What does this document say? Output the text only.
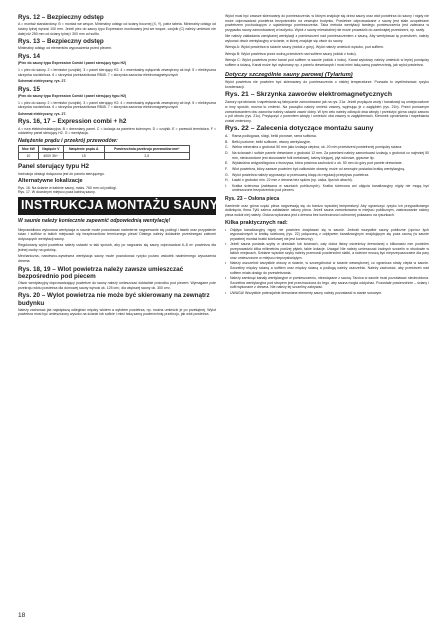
Rys. 12 – Bezpieczny odstęp
A = montaż standardowy. B = montaż we wnęce. Minimalny odstęp od ściany bocznej (X, Y), patrz tabela. Minimalny odstęp od ściany tylnej wynosi 100 mm. Jeżeli piec do sauny typu Expression montowany jest we wnęce, czujnik (C) należy umieścić nie dalej niż 250 mm od ściany tylnej i 300 mm od sufitu.
Rys. 13 – Bezpieczny odstęp
Minimalny odstęp od elementów wyposażenia przed piecem.
Rys. 14
(Piec do sauny typu Expression Combi i panel sterujący typu H2)
1 = piec do sauny. 2 = termistor (czujnik). 3 = panel sterujący H2. 4 = ewentualny wyłącznik zewnętrzny wł./wył. 5 = elektryczna skrzynka rozdzielcza. 6 = skrzynka przekaźnikowa RB45. 7 = skrzynka zaworów elektromagnetycznych
Schemat elektryczny, rys. 27.
Rys. 15
(Piec do sauny typu Expression Combi i panel sterujący typu H2)
1 = piec do sauny. 2 = termistor (czujnik). 3 = panel sterujący H2. 4 = ewentualny wyłącznik zewnętrzny wł./wył. 5 = elektryczna skrzynka rozdzielcza. 6 = skrzynka przekaźnikowa RB45. 7 = skrzynka zaworów elektromagnetycznych
Schemat elektryczny, rys. 27.
Rys. 16, 17 – Expression combi + h2
A = rura elektroinstalacyjna. B = drewniany panel. C = izolacja za panelem ściennym. D = czujnik. E = przewód termistora. F = oddzielny panel sterujący H2. G = wentylacja.
Natężenie prądu i przekrój przewodów:
Moc kW	Napięcie V	Natężenie prądu A	Powierzchnia przekroju przewodów mm²
10	400V 3N~	15	2,5
Panel sterujący typu H2
Instrukcja obsługi dołączona jest do panelu sterującego.
Alternatywne lokalizacje
Rys. 16. Na ścianie w kabinie sauny, maks. 760 mm od podłogi.
Rys. 17. W dowolnym miejscu poza kabiną sauny.
INSTRUKCJA MONTAŻU SAUNY
W saunie należy koniecznie zapewnić odpowiednią wentylację!
Nieprawidłowo wykonana wentylacja w saunie może powodować nadmierne nagrzewanie się podłogi i ławek oraz przypalenie ścian i sufitów w takich miejscach się bezpieczników termicznego pieca! Dlatego należy dokładnie przestrzegać zaleceń dotyczących wentylacji sauny.
Regulowany wylot powietrza należy ustawić w taki sposób, aby po nagrzaniu się sauny odprowadzał 6–8 m³ powietrza dla jednej osoby na godzinę.
Mechaniczna, nawiewno-wywiewna wentylacja sauny może powodować ryzyko pożaru wskutek nadmiernego wysuszenia drewna.
Rys. 18, 19 – Wlot powietrza należy zawsze umieszczać bezpośrednio pod piecem
Otwór wentylacyjny doprowadzający powietrze do sauny należy umieszczać dokładnie pośrodku pod piecem. Wymagane pole przekroju wlotu powietrza dla domowej sauny wynosi ok. 125 cm², dla większej sauny ok. 300 cm².
Rys. 20 – Wylot powietrza nie może być skierowany na zewnątrz budynku
Należy zachować jak największą odległość między wlotem a wylotem powietrza, np. można umieścić je po przekątnej. Wylot powietrza musi być umieszczony wysoko na ścianie lub suficie i mieć taką samą powierzchnię przekroju, jak wlot powietrza.
Wylot musi być zawsze skierowany do pomieszczenia, w którym znajduje się drzwi sauny oraz wlot powietrza do sauny i nigdy nie może odprowadzać powietrza bezpośrednio na zewnątrz budynku. Powietrze odprowadzane z sauny jest stale uzupełniane powietrzem pochodzącym z sąsiedniego pomieszczenia. Taka metoda wentylacji tamtego pomieszczenia jest zalecana w przypadku sauny zamontowanej w budynku. Wylot z sauny mieszkalnej nie może prowadzić do zamkniętej przestrzeni, np. szafy.
Nie należy zakładania zamykanej wentylacji z pomieszczeń nad pomieszczeniem z sauną. Aby wentylować tę przestrzeń, należy wykonać otwór wentylacyjny w ścianie, w której znajduje się otwór do sauny.
Wersja A: Wylot powietrza w ścianie sauny (widok z góry). Wylot należy umieścić wysoko, pod sufitem.
Wersja B: Wylot powietrza przez wolną przestrzeń nad sufitem sauny (widok z boku).
Wersja C: Wylot powietrza przez kanał pod sufitem w saunie (widok z boku). Kanał wylotowy należy umieścić w lepiej pomiędzy sufitem a ścianą. Kanał może być wykonany np. z panelu drewnianych i musi mieć taką samą powierzchnię, jak wylot powietrza.
Dotyczy szczególnie sauny parowej (Tylarium)
Wylot powietrza nie powinien być skierowany do pomieszczenia o niskiej temperaturze. Pozwala to wyeliminować ryzyko kondensacji.
Rys. 21 – Skrzynka zaworów elektromagnetycznych
Zawory opróżniania i napełniania są fabrycznie zamontowane jak na rys. 21a. Jeżeli przyłącza wody i kanalizacji są umiejscowione w inny sposób, można to zmienić. Na początku należy umieść zawory, wyjmując je z zagłębień (rys. 21b). Przed ponownym zamontowaniem obu zaworów należy ustawić zawór dolny. W tym celu należy odkręcić dwa wkręty i przełożyć górna część zaworu o pół obrotu (rys. 21c). Przyłączyć z powrotem wkręty i umieścić oba zawory w zagłębieniach. Kierunek opróżniania i napełniania został zmieniony.
Rys. 22 – Zalecenia dotyczące montażu sauny
A.	Rama podłogowa, ślizgi, belki pionowe, rama sufitowa.
B.	Belki poziome, belki sufitowe, otwory wentylacyjne.
C.	Wełna mineralna o grubości 50 mm jako izolacja cieplna, ok. 20 mm przestrzeni powietrznej pomiędzy ściana.
D.	Na ścianach i suficie panele drewniane o grubości 12 mm. Za panelami należy zamontować izolację o grubości co najmniej 50 mm, niedozwolone jest stosowanie folii metalowej, taśmy klejącej, płyt wiórowe, gipsowe itp.
E.	Wykładzina antypoślizgowa z tworzywa, która powinna zachodzić o ok. 50 mm do góry pod panele drewniane.
F.	Wlot powietrza, który zawsze powinien być całkowicie otwarty, może od zewnątrz posiadać kratkę wentylacyjną.
G. Wylot powietrza należy wyposażyć w przesuwną klapę do regulacji przepływu powietrza.
H.	Ławki o grubości min. 22 mm z drewna bez sęków (np. osika, lipa lub abachi).
I.	Kratka ścienowa (zakiwana w sauniach publicznych). Kratka ścienowa ani objęcia kanalizacyjny nigdy nie mogą być umieszczone bezpośrednio pod piecem.
Rys. 23 – Osłona pieca
Kamienie oraz górna część pieca nagrzewają się do bardzo wysokiej temperatury! Aby ograniczyć ryzyko ich przypadkowego dotknięcia, firma Tylö zaleca zakładanie osłony pieca. Jeżeli sauna zamontowana w miejscu publicznym, zastosowanie osłony pieca wokół niej należy. Osłona wykonana jest z drewna bez konieczności ochronnej pokazano na rysunkach.
Kilka praktycznych rad:
•	Odpływ kanalizacyjny nigdy nie powinien znajdować się w saunie. Jednak wszystkie sauny publiczne (oprócz tych wyposażonych w kratkę ściekową (rys. 22) połączoną z odpływem kanalizacyjnym znajdującym się poza sauną (w saunie prywatnej montaż kratki ściekowej nie jest konieczny).
•	Jeżeli sauna posiada szyby w drzwiach lub ścianach, cały dolna listwy ościeżnicy drewnianej o kilkunastu mm powinien przeprowadzić kilka milimetrów poniżej płytek, takie izolacje. Uwaga! Nie należy umieszczać żadnych szczelin w obudowie w takich miejscach. Szklane wysokie szyby należy przenosić powierzchni siatki, a ścienne muszą być nieprzepuszczalne dla pary oraz umieszczone w miejscu nieprzysłoniętym.
•	Należy uszczelnić wszystkie otwory w ścianie, w szczególności w ścianie wewnętrznej, co ogranicza straty ciepła w saunie. Szczeliny między ścianą a sufitem oraz między ścianą a podłogą należy uszczelnić. Należy zachować, aby przestrzeń nad sufitem miała dostęp do przewietrzania.
•	Należy zamknąć kanały wentylacyjne w pomieszczeniu, niezwiązane z sauną. Tarcica w saunie musi pozostawać nieobrobiona. Szczelina wentylacyjna pod stropem jest przeznaczona do tego, aby sauna mogła oddychać. Pozostałe powierzchnie – ściany i sufit wykonane z drewna. Nie należy tej szczeliny zakrywać.
•	UWAGA! Wszystkie potencjalnie drewniane elementy sauny należy pozostawić w stanie surowym.
18
